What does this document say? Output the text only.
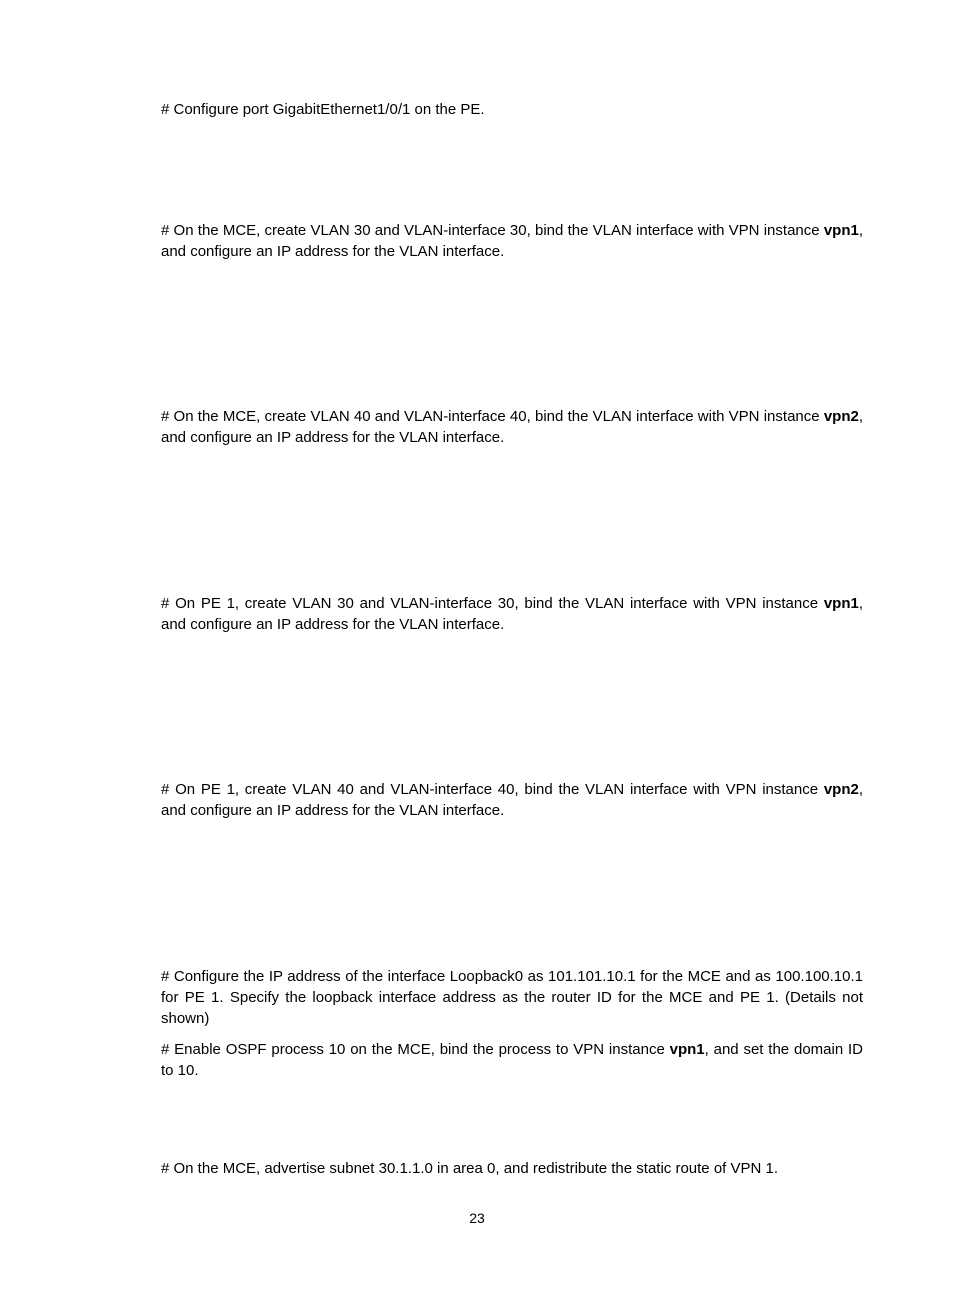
# Configure port GigabitEthernet1/0/1 on the PE.

# On the MCE, create VLAN 30 and VLAN-interface 30, bind the VLAN interface with VPN instance vpn1, and configure an IP address for the VLAN interface.

# On the MCE, create VLAN 40 and VLAN-interface 40, bind the VLAN interface with VPN instance vpn2, and configure an IP address for the VLAN interface.

# On PE 1, create VLAN 30 and VLAN-interface 30, bind the VLAN interface with VPN instance vpn1, and configure an IP address for the VLAN interface.

# On PE 1, create VLAN 40 and VLAN-interface 40, bind the VLAN interface with VPN instance vpn2, and configure an IP address for the VLAN interface.

# Configure the IP address of the interface Loopback0 as 101.101.10.1 for the MCE and as 100.100.10.1 for PE 1. Specify the loopback interface address as the router ID for the MCE and PE 1. (Details not shown)

# Enable OSPF process 10 on the MCE, bind the process to VPN instance vpn1, and set the domain ID to 10.

# On the MCE, advertise subnet 30.1.1.0 in area 0, and redistribute the static route of VPN 1.

23
